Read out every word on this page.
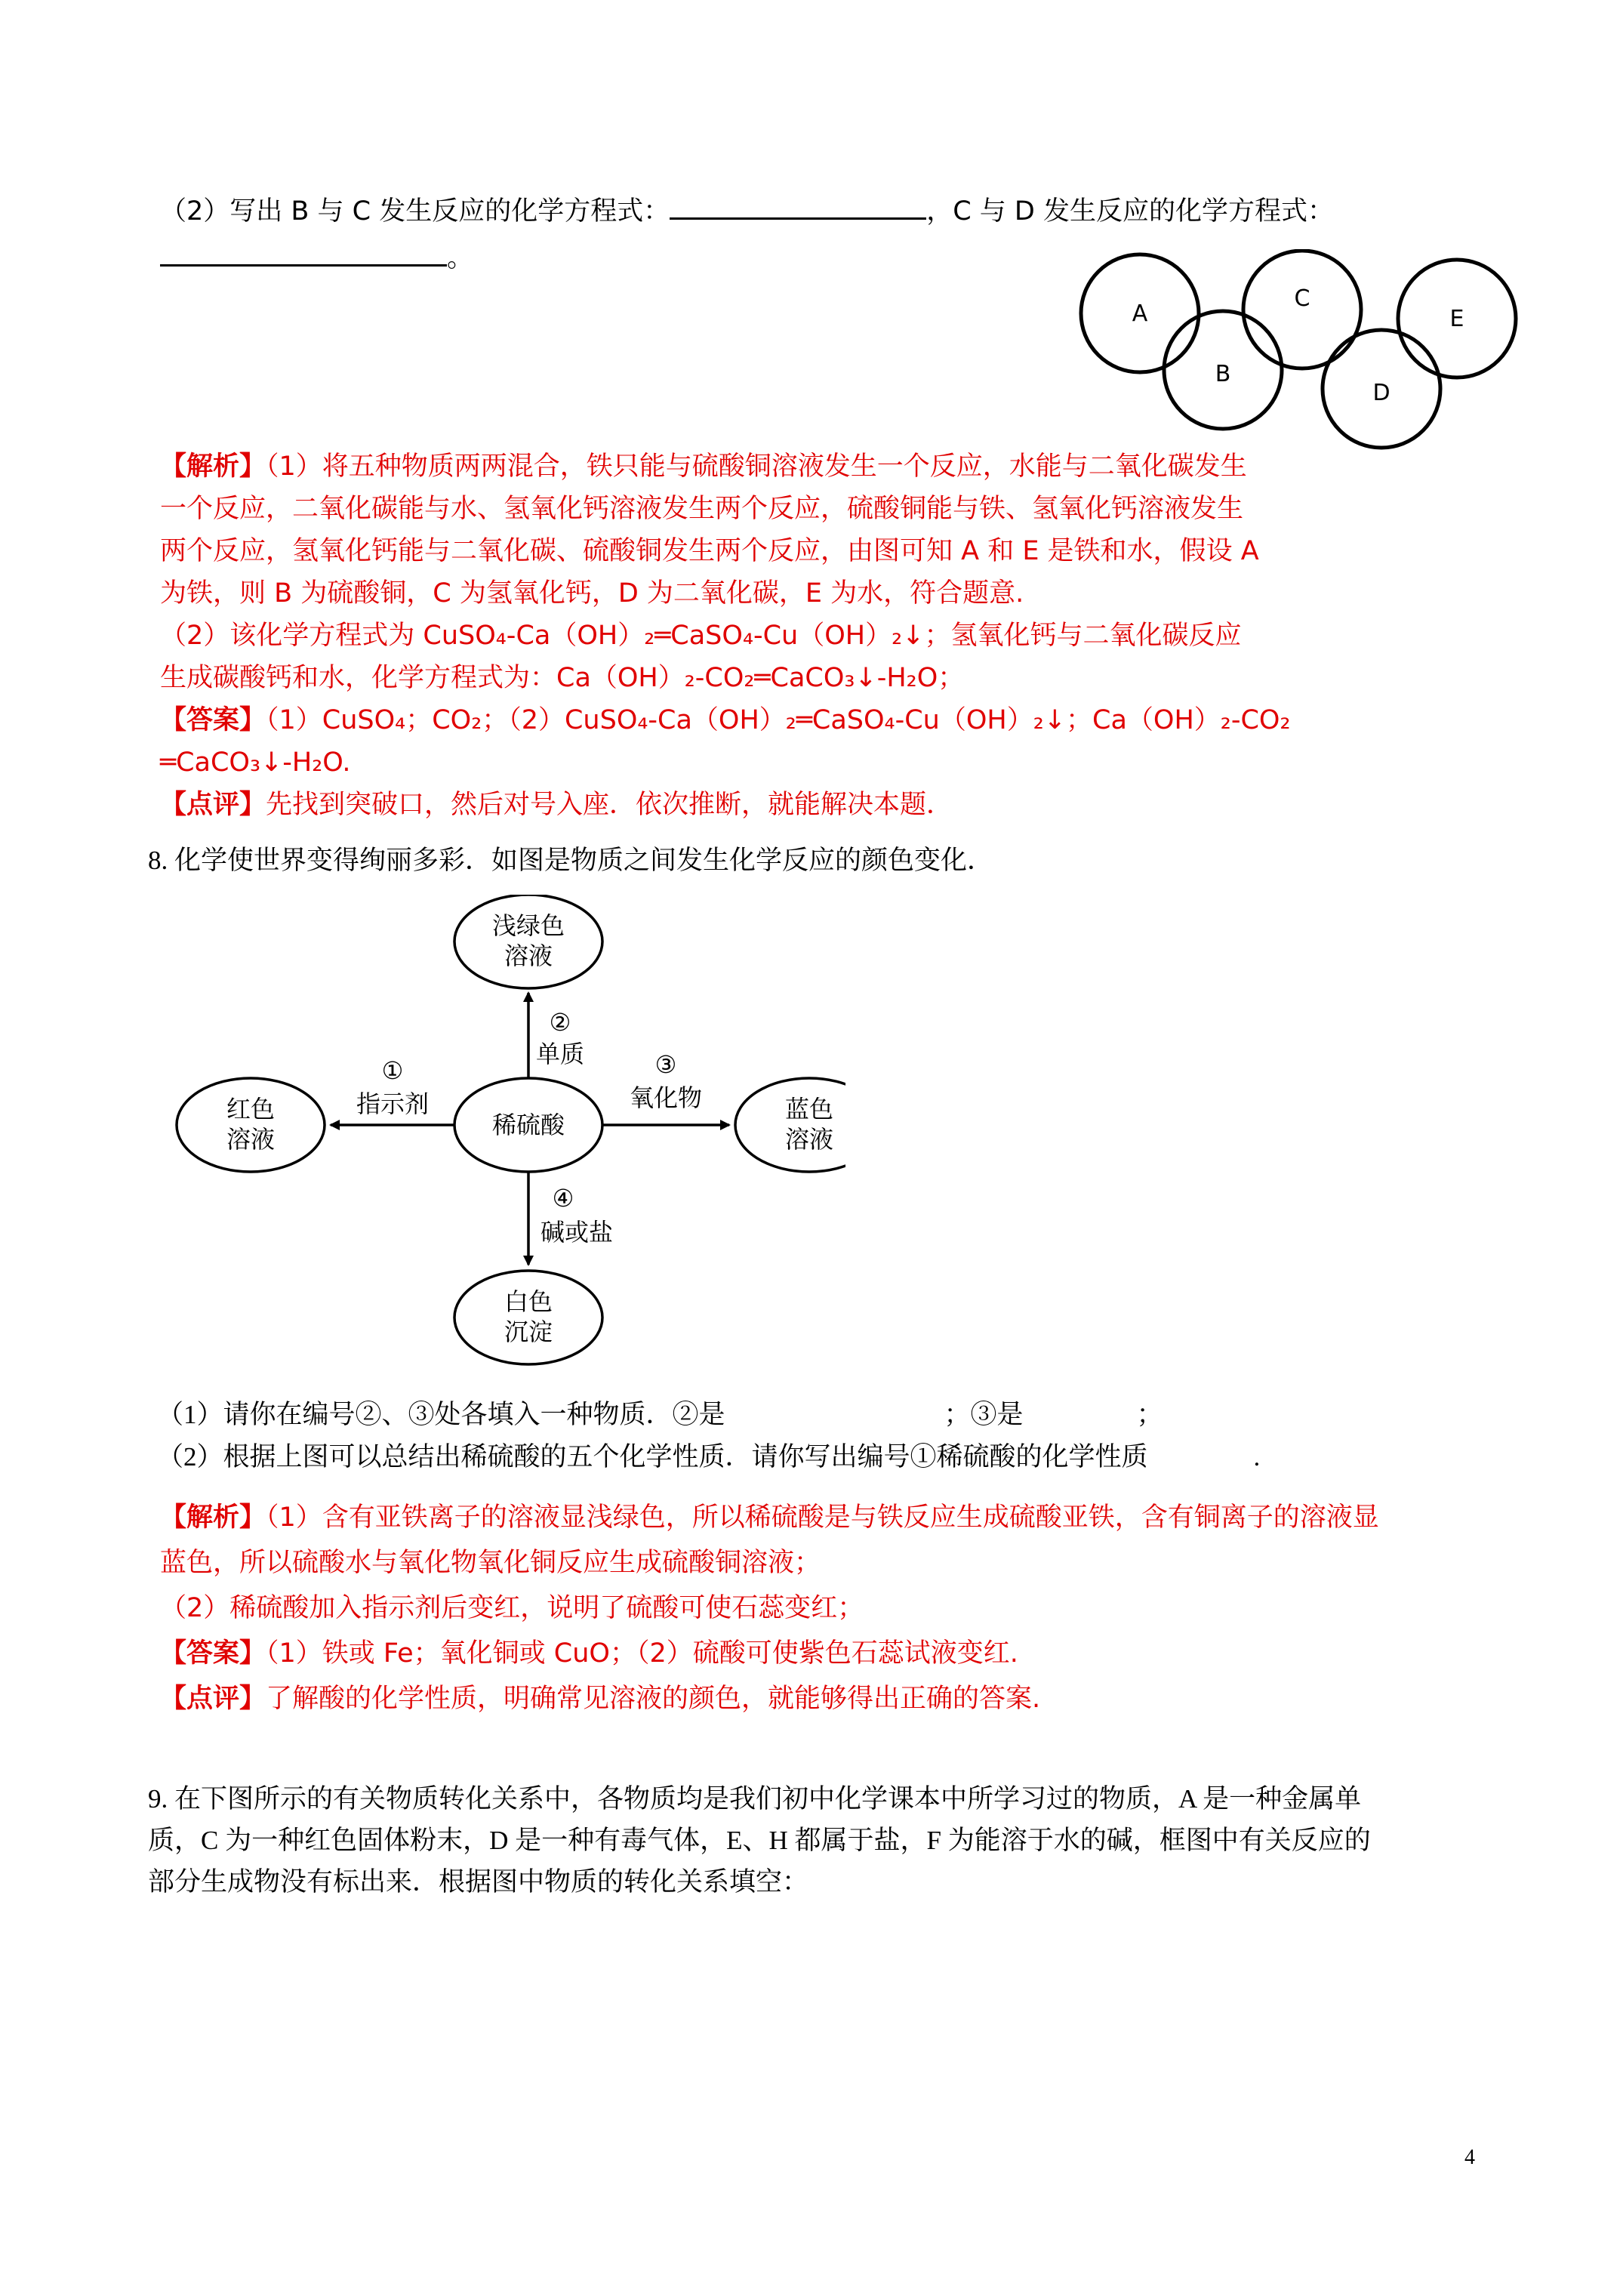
（2）写出 B 与 C 发生反应的化学方程式：	，C 与 D 发生反应的化学方程式：

。

A
B
C
D
E
【解析】（1）将五种物质两两混合，铁只能与硫酸铜溶液发生一个反应，水能与二氧化碳发生
一个反应，二氧化碳能与水、氢氧化钙溶液发生两个反应，硫酸铜能与铁、氢氧化钙溶液发生
两个反应，氢氧化钙能与二氧化碳、硫酸铜发生两个反应，由图可知 A 和 E 是铁和水，假设 A
为铁，则 B 为硫酸铜，C 为氢氧化钙，D 为二氧化碳，E 为水，符合题意.
（2）该化学方程式为 CuSO₄-Ca（OH）₂═CaSO₄-Cu（OH）₂↓；氢氧化钙与二氧化碳反应
生成碳酸钙和水，化学方程式为：Ca（OH）₂-CO₂═CaCO₃↓-H₂O；
【答案】（1）CuSO₄；CO₂；（2）CuSO₄-Ca（OH）₂═CaSO₄-Cu（OH）₂↓；Ca（OH）₂-CO₂
═CaCO₃↓-H₂O.
【点评】先找到突破口，然后对号入座．依次推断，就能解决本题．

8. 化学使世界变得绚丽多彩．如图是物质之间发生化学反应的颜色变化．

浅绿色
溶液
红色
溶液	稀硫酸
蓝色
溶液
白色
沉淀
①
指示剂
②
单质	③
氧化物
④
碱或盐

（1）请你在编号②、③处各填入一种物质．②是	；③是	；

（2）根据上图可以总结出稀硫酸的五个化学性质．请你写出编号①稀硫酸的化学性质	.

【解析】（1）含有亚铁离子的溶液显浅绿色，所以稀硫酸是与铁反应生成硫酸亚铁，含有铜离子的溶液显
蓝色，所以硫酸水与氧化物氧化铜反应生成硫酸铜溶液；
（2）稀硫酸加入指示剂后变红，说明了硫酸可使石蕊变红；
【答案】（1）铁或 Fe；氧化铜或 CuO；（2）硫酸可使紫色石蕊试液变红.
【点评】了解酸的化学性质，明确常见溶液的颜色，就能够得出正确的答案.
9. 在下图所示的有关物质转化关系中，各物质均是我们初中化学课本中所学习过的物质，A 是一种金属单
质，C 为一种红色固体粉末，D 是一种有毒气体，E、H 都属于盐，F 为能溶于水的碱，框图中有关反应的
部分生成物没有标出来．根据图中物质的转化关系填空：
4
